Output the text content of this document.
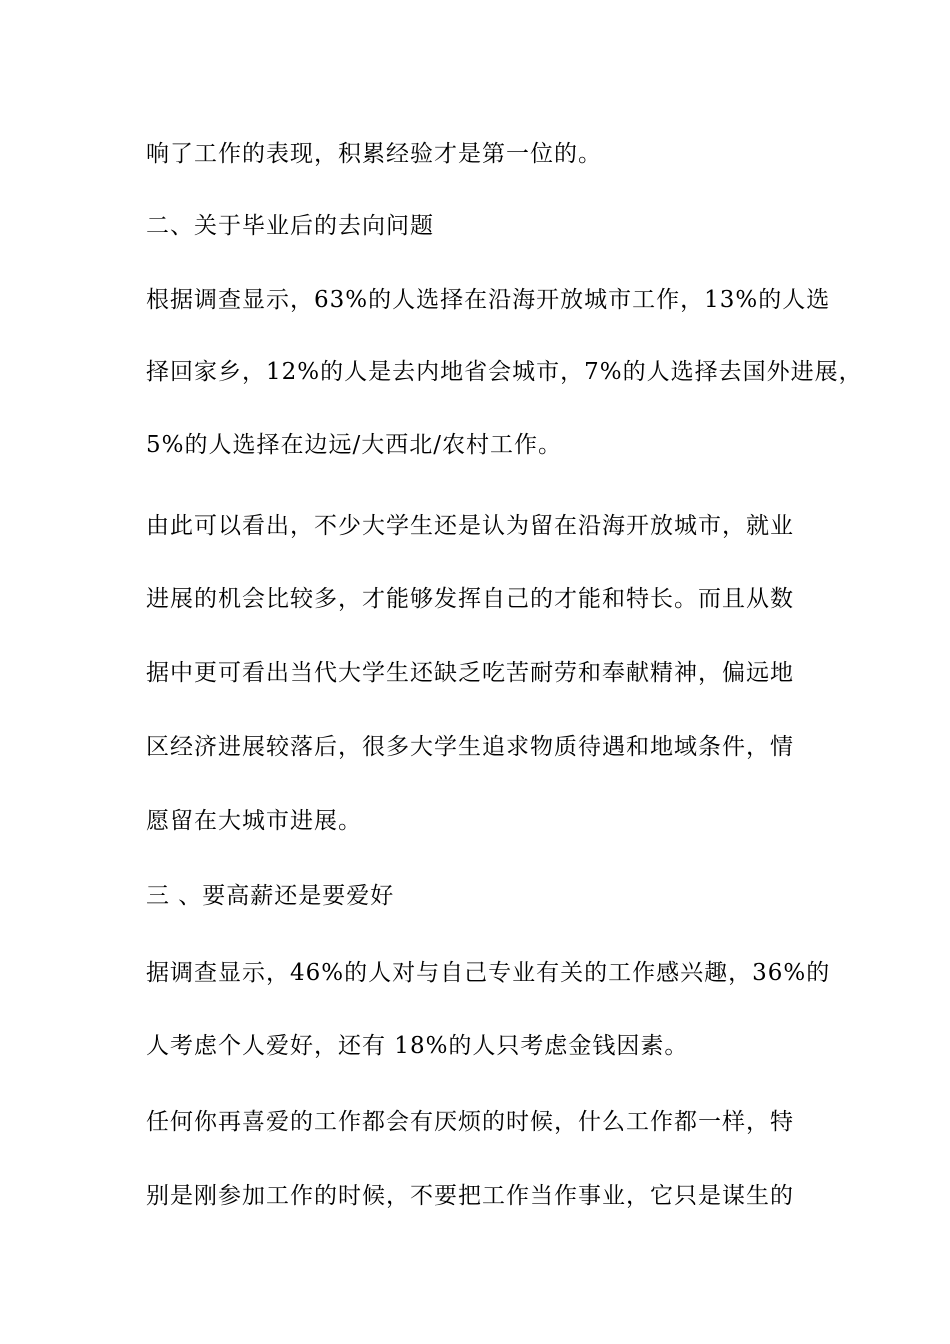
响了工作的表现，积累经验才是第一位的。
二、关于毕业后的去向问题
根据调查显示，63%的人选择在沿海开放城市工作，13%的人选
择回家乡，12%的人是去内地省会城市，7%的人选择去国外进展，
5%的人选择在边远/大西北/农村工作。
由此可以看出，不少大学生还是认为留在沿海开放城市，就业
进展的机会比较多，才能够发挥自己的才能和特长。而且从数
据中更可看出当代大学生还缺乏吃苦耐劳和奉献精神，偏远地
区经济进展较落后，很多大学生追求物质待遇和地域条件，情
愿留在大城市进展。
三 、要高薪还是要爱好
据调查显示，46%的人对与自己专业有关的工作感兴趣，36%的
人考虑个人爱好，还有 18%的人只考虑金钱因素。
任何你再喜爱的工作都会有厌烦的时候，什么工作都一样，特
别是刚参加工作的时候，不要把工作当作事业，它只是谋生的
